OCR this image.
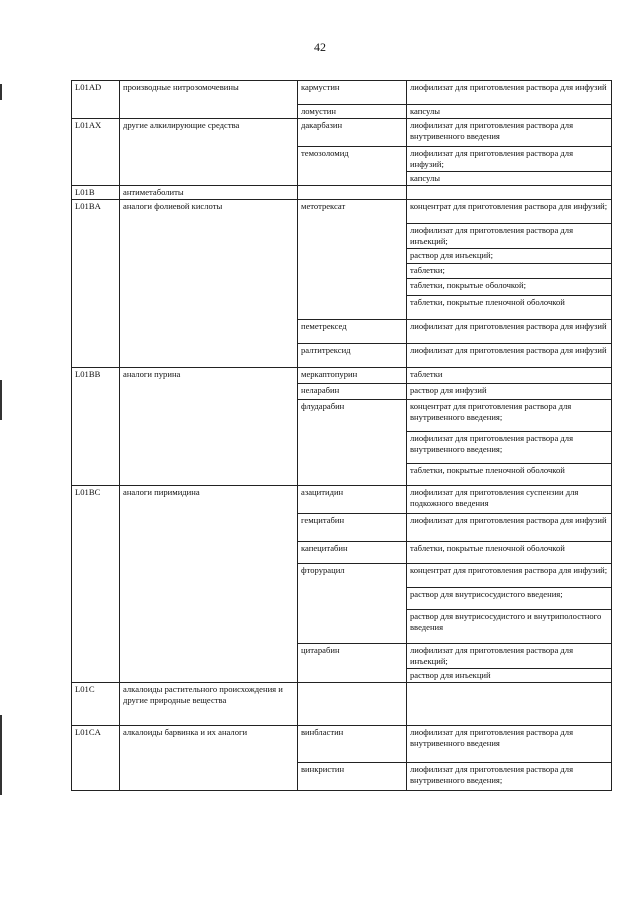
42
L01AD	производные нитрозомочевины	кармустин	лиофилизат для приготовления раствора для инфузий
		ломустин	капсулы
L01AX	другие алкилирующие средства	дакарбазин	лиофилизат для приготовления раствора для внутривенного введения
		темозоломид	лиофилизат для приготовления раствора для инфузий;
			капсулы
L01B	антиметаболиты		
L01BA	аналоги фолиевой кислоты	метотрексат	концентрат для приготовления раствора для инфузий;
			лиофилизат для приготовления раствора для инъекций;
			раствор для инъекций;
			таблетки;
			таблетки, покрытые оболочкой;
			таблетки, покрытые пленочной оболочкой
		пеметрексед	лиофилизат для приготовления раствора для инфузий
		ралтитрексид	лиофилизат для приготовления раствора для инфузий
L01BB	аналоги пурина	меркаптопурин	таблетки
		неларабин	раствор для инфузий
		флударабин	концентрат для приготовления раствора для внутривенного введения;
			лиофилизат для приготовления раствора для внутривенного введения;
			таблетки, покрытые пленочной оболочкой
L01BC	аналоги пиримидина	азацитидин	лиофилизат для приготовления суспензии для подкожного введения
		гемцитабин	лиофилизат для приготовления раствора для инфузий
		капецитабин	таблетки, покрытые пленочной оболочкой
		фторурацил	концентрат для приготовления раствора для инфузий;
			раствор для внутрисосудистого введения;
			раствор для внутрисосудистого и внутриполостного введения
		цитарабин	лиофилизат для приготовления раствора для инъекций;
			раствор для инъекций
L01C	алкалоиды растительного происхождения и другие природные вещества		
L01CA	алкалоиды барвинка и их аналоги	винбластин	лиофилизат для приготовления раствора для внутривенного введения
		винкристин	лиофилизат для приготовления раствора для внутривенного введения;
